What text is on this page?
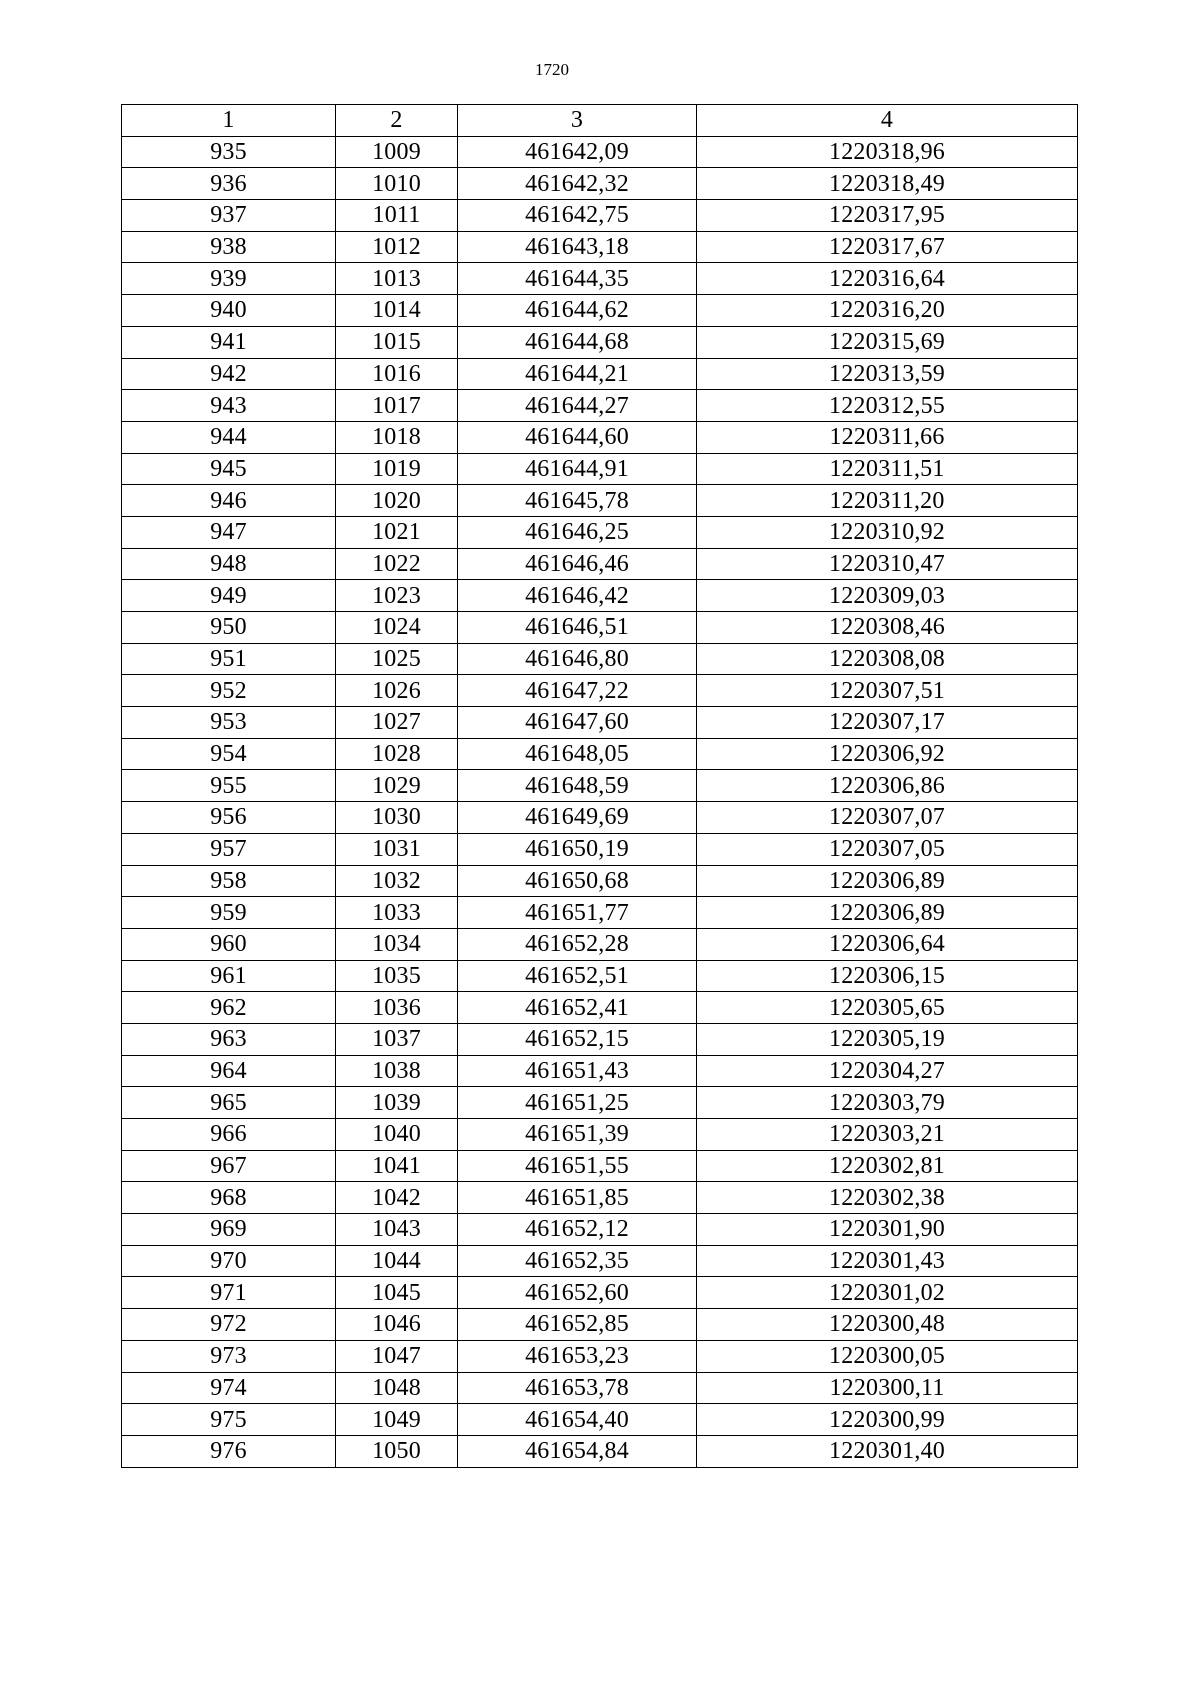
1720
1	2	3	4
935	1009	461642,09	1220318,96
936	1010	461642,32	1220318,49
937	1011	461642,75	1220317,95
938	1012	461643,18	1220317,67
939	1013	461644,35	1220316,64
940	1014	461644,62	1220316,20
941	1015	461644,68	1220315,69
942	1016	461644,21	1220313,59
943	1017	461644,27	1220312,55
944	1018	461644,60	1220311,66
945	1019	461644,91	1220311,51
946	1020	461645,78	1220311,20
947	1021	461646,25	1220310,92
948	1022	461646,46	1220310,47
949	1023	461646,42	1220309,03
950	1024	461646,51	1220308,46
951	1025	461646,80	1220308,08
952	1026	461647,22	1220307,51
953	1027	461647,60	1220307,17
954	1028	461648,05	1220306,92
955	1029	461648,59	1220306,86
956	1030	461649,69	1220307,07
957	1031	461650,19	1220307,05
958	1032	461650,68	1220306,89
959	1033	461651,77	1220306,89
960	1034	461652,28	1220306,64
961	1035	461652,51	1220306,15
962	1036	461652,41	1220305,65
963	1037	461652,15	1220305,19
964	1038	461651,43	1220304,27
965	1039	461651,25	1220303,79
966	1040	461651,39	1220303,21
967	1041	461651,55	1220302,81
968	1042	461651,85	1220302,38
969	1043	461652,12	1220301,90
970	1044	461652,35	1220301,43
971	1045	461652,60	1220301,02
972	1046	461652,85	1220300,48
973	1047	461653,23	1220300,05
974	1048	461653,78	1220300,11
975	1049	461654,40	1220300,99
976	1050	461654,84	1220301,40
